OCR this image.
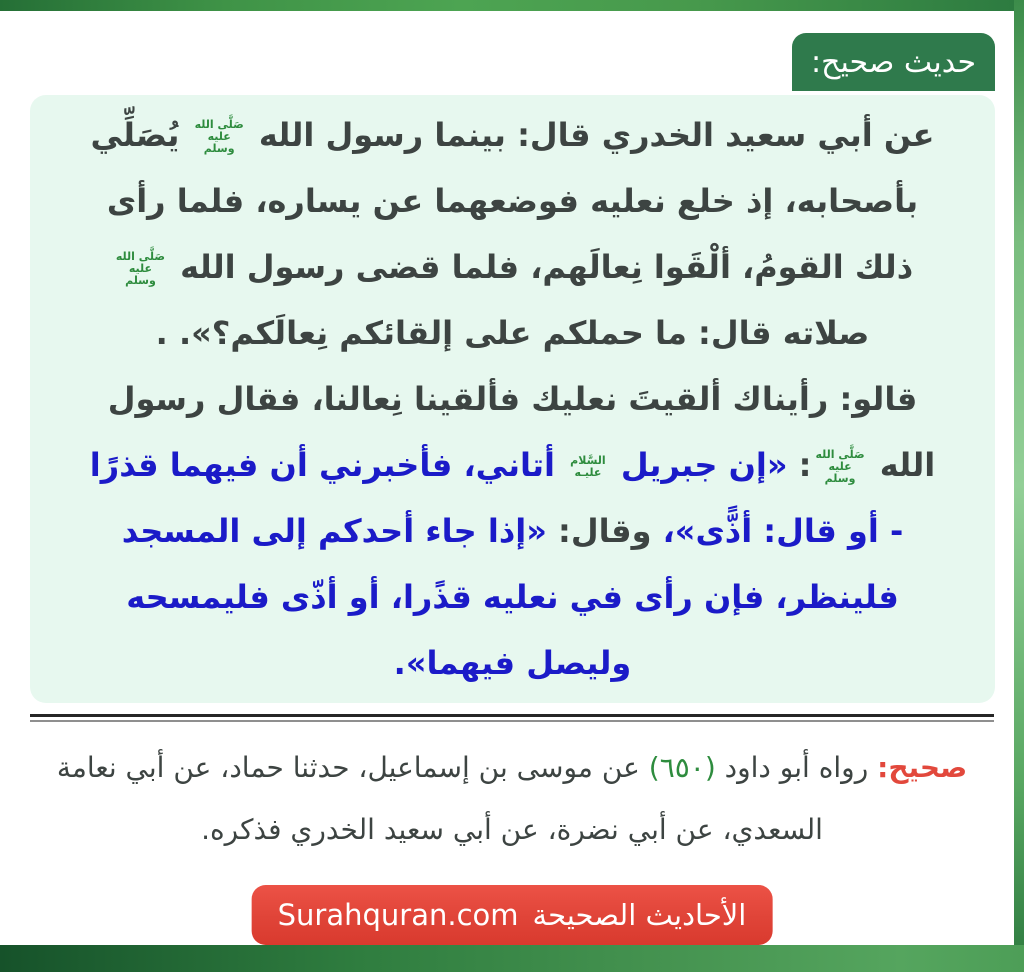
حديث صحيح:
عن أبي سعيد الخدري قال: بينما رسول الله
صَلَّى الله
عليه
وسلم
يُصَلِّي
بأصحابه، إذ خلع نعليه فوضعهما عن يساره، فلما رأى
ذلك القومُ، ألْقَوا نِعالَهم، فلما قضى رسول الله
صَلَّى الله
عليه
وسلم
صلاته قال: ما حملكم على إلقائكم نِعالَكم؟». .
قالو: رأيناك ألقيتَ نعليك فألقينا نِعالنا، فقال رسول
الله
صَلَّى الله
عليه
وسلم
: «إن جبريل
السَّلام
عليـه
أتاني، فأخبرني أن فيهما قذرًا
- أو قال: أذًّى»، وقال: «إذا جاء أحدكم إلى المسجد
فلينظر، فإن رأى في نعليه قذًرا، أو أذّى فليمسحه
وليصل فيهما».
صحيح: رواه أبو داود (٦٥٠) عن موسى بن إسماعيل، حدثنا حماد، عن أبي نعامة السعدي، عن أبي نضرة، عن أبي سعيد الخدري فذكره.
الأحاديث الصحيحة
Surahquran.com
